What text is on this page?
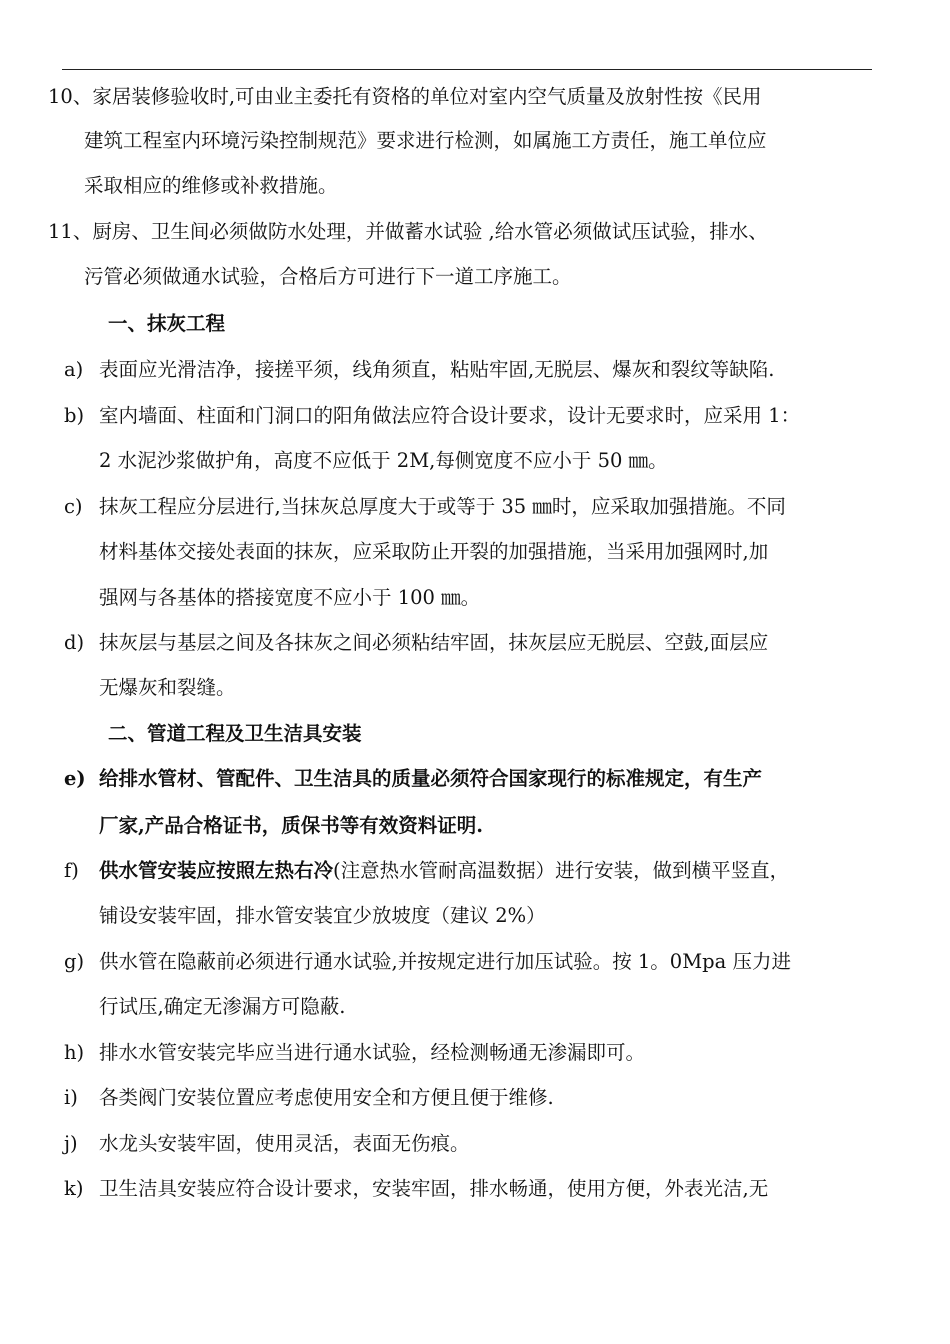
10、家居装修验收时,可由业主委托有资格的单位对室内空气质量及放射性按《民用
建筑工程室内环境污染控制规范》要求进行检测，如属施工方责任，施工单位应
采取相应的维修或补救措施。
11、厨房、卫生间必须做防水处理，并做蓄水试验 ,给水管必须做试压试验，排水、
污管必须做通水试验，合格后方可进行下一道工序施工。
一、抹灰工程
a) 表面应光滑洁净，接搓平须，线角须直，粘贴牢固,无脱层、爆灰和裂纹等缺陷.
b) 室内墙面、柱面和门洞口的阳角做法应符合设计要求，设计无要求时，应采用 1：
2 水泥沙浆做护角，高度不应低于 2M,每侧宽度不应小于 50 ㎜。
c) 抹灰工程应分层进行,当抹灰总厚度大于或等于 35 ㎜时，应采取加强措施。不同
材料基体交接处表面的抹灰，应采取防止开裂的加强措施，当采用加强网时,加
强网与各基体的搭接宽度不应小于 100 ㎜。
d) 抹灰层与基层之间及各抹灰之间必须粘结牢固，抹灰层应无脱层、空鼓,面层应
无爆灰和裂缝。
二、管道工程及卫生洁具安装
e) 给排水管材、管配件、卫生洁具的质量必须符合国家现行的标准规定，有生产
厂家,产品合格证书，质保书等有效资料证明.
f) 供水管安装应按照左热右冷(注意热水管耐高温数据）进行安装，做到横平竖直，
铺设安装牢固，排水管安装宜少放坡度（建议 2%）
g) 供水管在隐蔽前必须进行通水试验,并按规定进行加压试验。按 1。0Mpa 压力进
行试压,确定无渗漏方可隐蔽.
h) 排水水管安装完毕应当进行通水试验，经检测畅通无渗漏即可。
i) 各类阀门安装位置应考虑使用安全和方便且便于维修.
j) 水龙头安装牢固，使用灵活，表面无伤痕。
k) 卫生洁具安装应符合设计要求，安装牢固，排水畅通，使用方便，外表光洁,无
